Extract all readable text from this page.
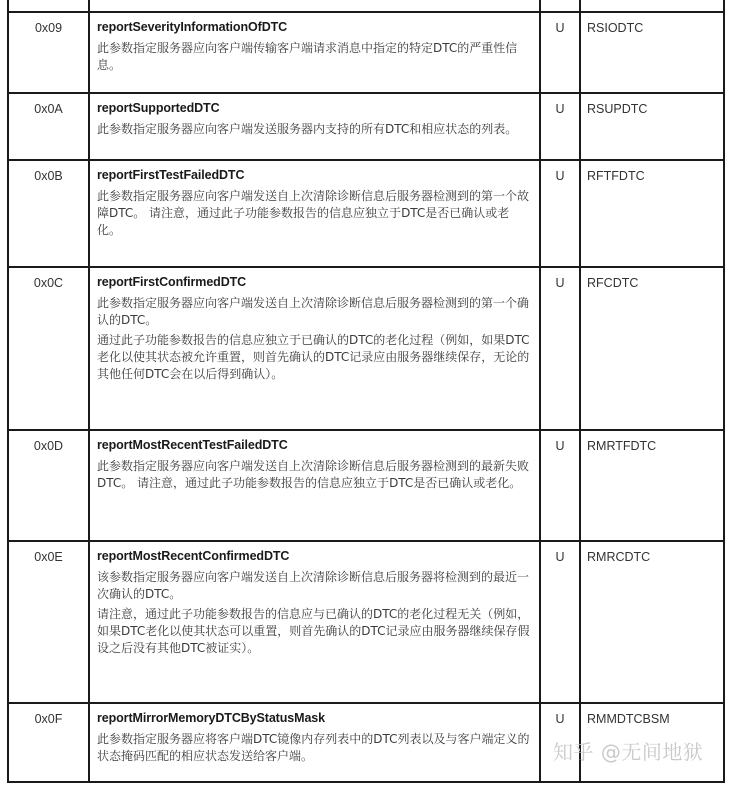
0x09	reportSeverityInformationOfDTC
此参数指定服务器应向客户端传输客户端请求消息中指定的特定DTC的严重性信息。
U	RSIODTC
0x0A	reportSupportedDTC
此参数指定服务器应向客户端发送服务器内支持的所有DTC和相应状态的列表。
U	RSUPDTC
0x0B	reportFirstTestFailedDTC
此参数指定服务器应向客户端发送自上次清除诊断信息后服务器检测到的第一个故障DTC。 请注意，通过此子功能参数报告的信息应独立于DTC是否已确认或老化。
U	RFTFDTC
0x0C	reportFirstConfirmedDTC
此参数指定服务器应向客户端发送自上次清除诊断信息后服务器检测到的第一个确认的DTC。
通过此子功能参数报告的信息应独立于已确认的DTC的老化过程（例如，如果DTC老化以使其状态被允许重置，则首先确认的DTC记录应由服务器继续保存，无论的其他任何DTC会在以后得到确认）。
U	RFCDTC
0x0D	reportMostRecentTestFailedDTC
此参数指定服务器应向客户端发送自上次清除诊断信息后服务器检测到的最新失败DTC。 请注意，通过此子功能参数报告的信息应独立于DTC是否已确认或老化。
U	RMRTFDTC
0x0E	reportMostRecentConfirmedDTC
该参数指定服务器应向客户端发送自上次清除诊断信息后服务器将检测到的最近一次确认的DTC。
请注意，通过此子功能参数报告的信息应与已确认的DTC的老化过程无关（例如，如果DTC老化以使其状态可以重置，则首先确认的DTC记录应由服务器继续保存假设之后没有其他DTC被证实）。
U	RMRCDTC
0x0F	reportMirrorMemoryDTCByStatusMask
此参数指定服务器应将客户端DTC镜像内存列表中的DTC列表以及与客户端定义的状态掩码匹配的相应状态发送给客户端。
U	RMMDTCBSM
知乎 @无间地狱
